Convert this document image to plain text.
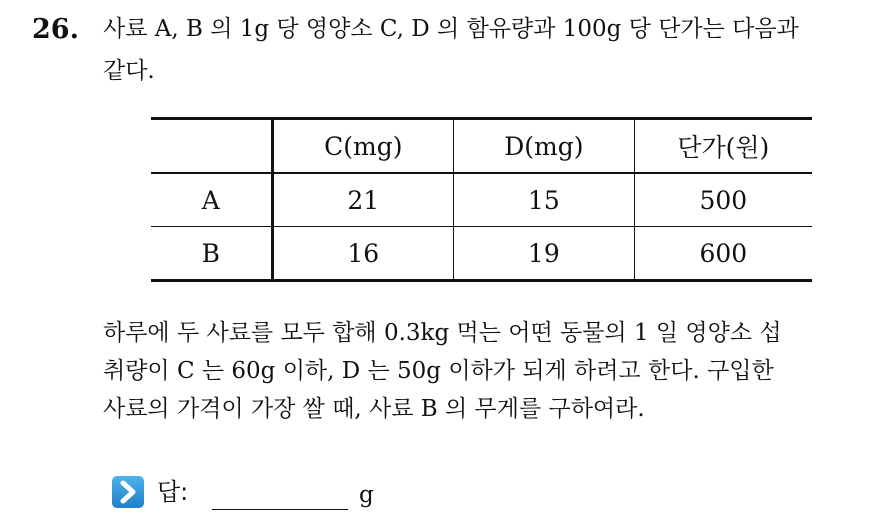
26. 사료 A, B 의 1g 당 영양소 C, D 의 함유량과 100g 당 단가는 다음과
같다.
	C(mg)	D(mg)	단가(원)
A	21	15	500
B	16	19	600
하루에 두 사료를 모두 합해 0.3kg 먹는 어떤 동물의 1 일 영양소 섭
취량이 C 는 60g 이하, D 는 50g 이하가 되게 하려고 한다. 구입한
사료의 가격이 가장 쌀 때, 사료 B 의 무게를 구하여라.
답:	g
